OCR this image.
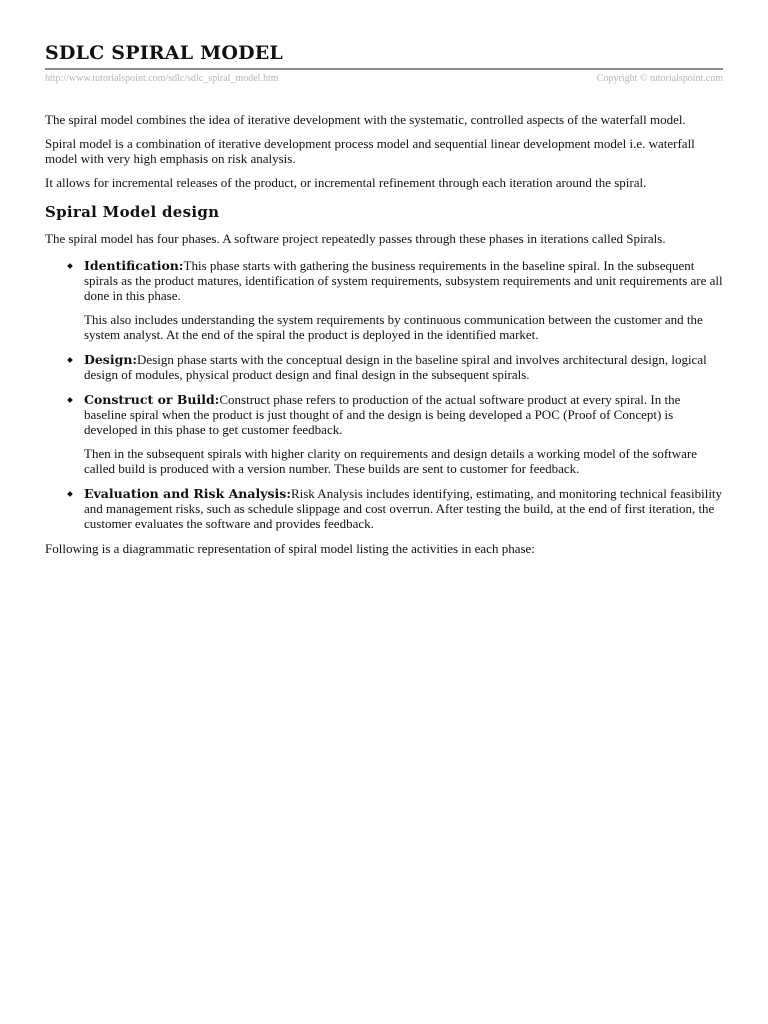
SDLC SPIRAL MODEL
http://www.tutorialspoint.com/sdlc/sdlc_spiral_model.htm	Copyright © tutorialspoint.com

The spiral model combines the idea of iterative development with the systematic, controlled aspects of the waterfall model.

Spiral model is a combination of iterative development process model and sequential linear development model i.e. waterfall model with very high emphasis on risk analysis.

It allows for incremental releases of the product, or incremental refinement through each iteration around the spiral.

Spiral Model design

The spiral model has four phases. A software project repeatedly passes through these phases in iterations called Spirals.

Identification:This phase starts with gathering the business requirements in the baseline spiral. In the subsequent spirals as the product matures, identification of system requirements, subsystem requirements and unit requirements are all done in this phase.

This also includes understanding the system requirements by continuous communication between the customer and the system analyst. At the end of the spiral the product is deployed in the identified market.

Design:Design phase starts with the conceptual design in the baseline spiral and involves architectural design, logical design of modules, physical product design and final design in the subsequent spirals.

Construct or Build:Construct phase refers to production of the actual software product at every spiral. In the baseline spiral when the product is just thought of and the design is being developed a POC (Proof of Concept) is developed in this phase to get customer feedback.

Then in the subsequent spirals with higher clarity on requirements and design details a working model of the software called build is produced with a version number. These builds are sent to customer for feedback.

Evaluation and Risk Analysis:Risk Analysis includes identifying, estimating, and monitoring technical feasibility and management risks, such as schedule slippage and cost overrun. After testing the build, at the end of first iteration, the customer evaluates the software and provides feedback.

Following is a diagrammatic representation of spiral model listing the activities in each phase:
